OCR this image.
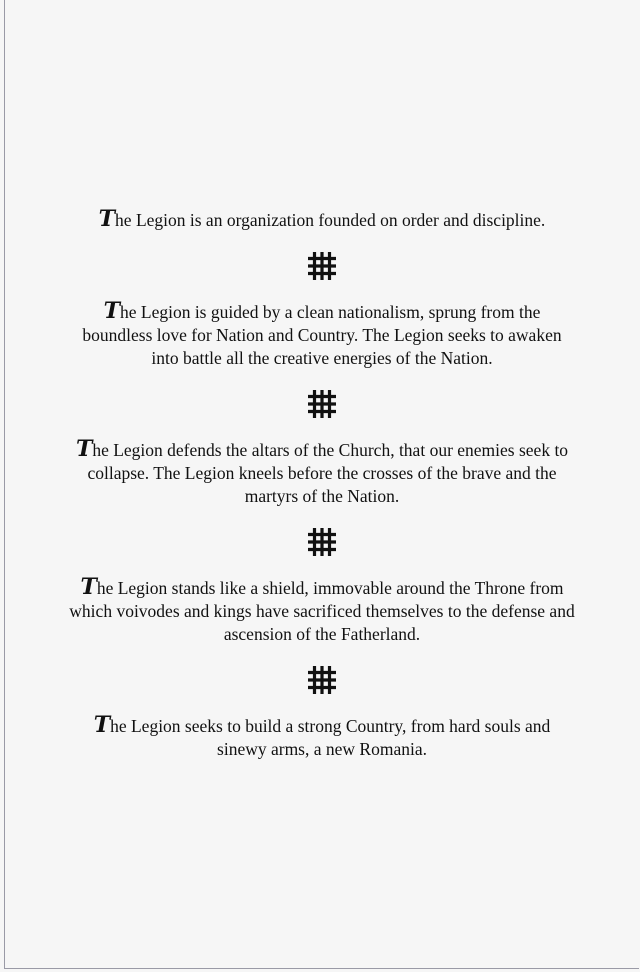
The Legion is an organization founded on order and discipline.

The Legion is guided by a clean nationalism, sprung from the boundless love for Nation and Country. The Legion seeks to awaken into battle all the creative energies of the Nation.

The Legion defends the altars of the Church, that our enemies seek to collapse. The Legion kneels before the crosses of the brave and the martyrs of the Nation.

The Legion stands like a shield, immovable around the Throne from which voivodes and kings have sacrificed themselves to the defense and ascension of the Fatherland.

The Legion seeks to build a strong Country, from hard souls and sinewy arms, a new Romania.
